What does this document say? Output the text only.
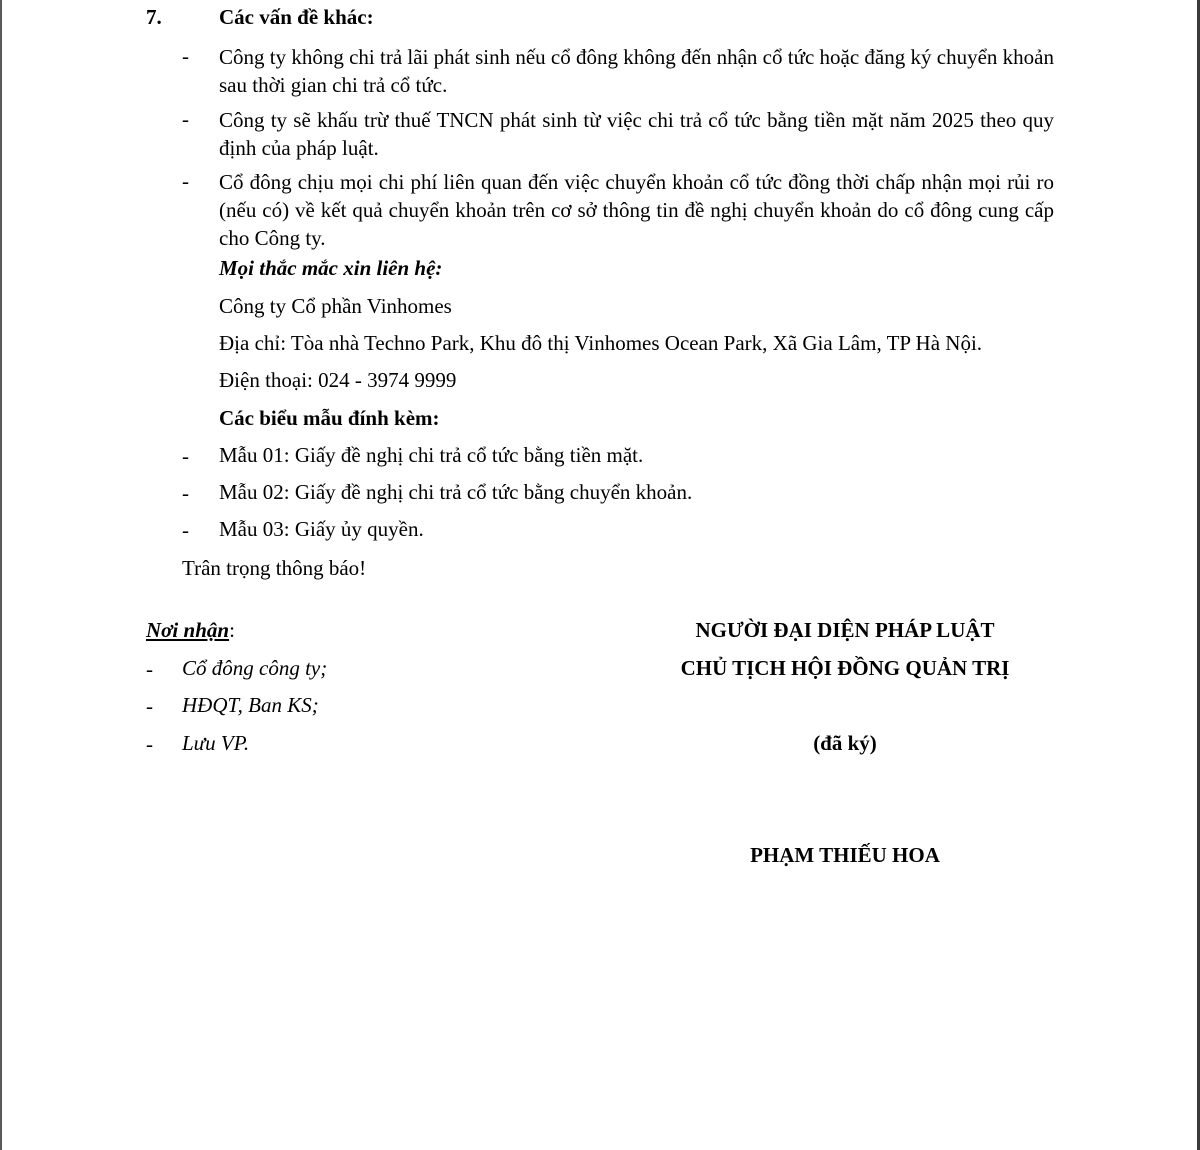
7.	Các vấn đề khác:
- Công ty không chi trả lãi phát sinh nếu cổ đông không đến nhận cổ tức hoặc đăng ký chuyển khoản sau thời gian chi trả cổ tức.
- Công ty sẽ khấu trừ thuế TNCN phát sinh từ việc chi trả cổ tức bằng tiền mặt năm 2025 theo quy định của pháp luật.
- Cổ đông chịu mọi chi phí liên quan đến việc chuyển khoản cổ tức đồng thời chấp nhận mọi rủi ro (nếu có) về kết quả chuyển khoản trên cơ sở thông tin đề nghị chuyển khoản do cổ đông cung cấp cho Công ty.
Mọi thắc mắc xin liên hệ:
Công ty Cổ phần Vinhomes
Địa chỉ: Tòa nhà Techno Park, Khu đô thị Vinhomes Ocean Park, Xã Gia Lâm, TP Hà Nội.
Điện thoại: 024 - 3974 9999
Các biểu mẫu đính kèm:
- Mẫu 01: Giấy đề nghị chi trả cổ tức bằng tiền mặt.
- Mẫu 02: Giấy đề nghị chi trả cổ tức bằng chuyển khoản.
- Mẫu 03: Giấy ủy quyền.
Trân trọng thông báo!
Nơi nhận:
- Cổ đông công ty;
- HĐQT, Ban KS;
- Lưu VP.
NGƯỜI ĐẠI DIỆN PHÁP LUẬT
CHỦ TỊCH HỘI ĐỒNG QUẢN TRỊ
(đã ký)
PHẠM THIẾU HOA
